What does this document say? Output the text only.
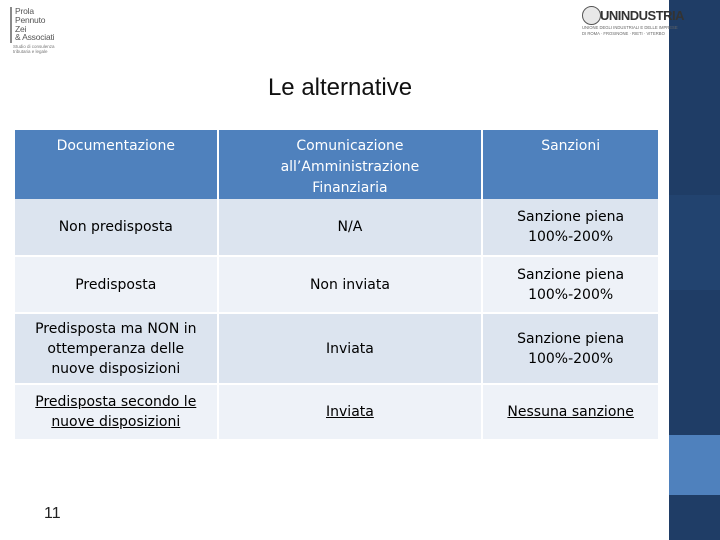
Prola
Pennuto
Zei
& Associati
Studio di consulenza
tributaria e legale
UNINDUSTRIA
UNIONE DEGLI INDUSTRIALI E DELLE IMPRESE
DI ROMA · FROSINONE · RIETI · VITERBO
Le alternative
Documentazione	Comunicazione all’Amministrazione Finanziaria	Sanzioni
Non predisposta	N/A	Sanzione piena 100%-200%
Predisposta	Non inviata	Sanzione piena 100%-200%
Predisposta ma NON in ottemperanza delle nuove disposizioni	Inviata	Sanzione piena 100%-200%
Predisposta secondo le nuove disposizioni	Inviata	Nessuna sanzione
11
